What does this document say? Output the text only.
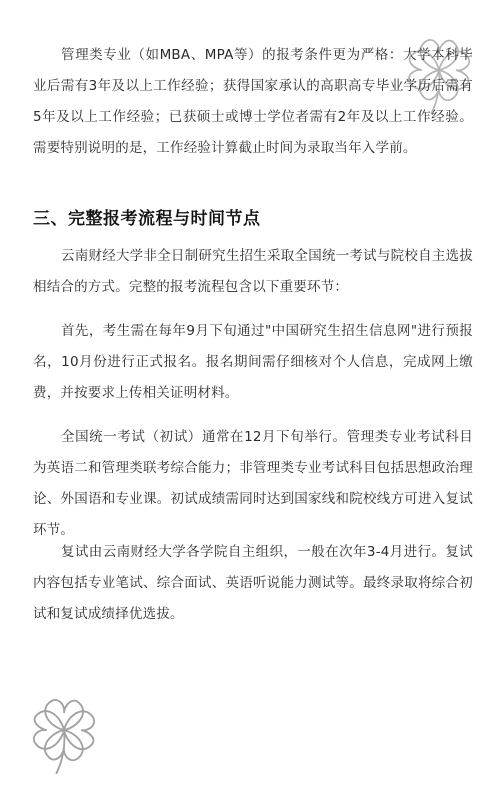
管理类专业（如MBA、MPA等）的报考条件更为严格：大学本科毕业后需有3年及以上工作经验；获得国家承认的高职高专毕业学历后需有5年及以上工作经验；已获硕士或博士学位者需有2年及以上工作经验。需要特别说明的是，工作经验计算截止时间为录取当年入学前。

三、完整报考流程与时间节点

云南财经大学非全日制研究生招生采取全国统一考试与院校自主选拔相结合的方式。完整的报考流程包含以下重要环节：

首先，考生需在每年9月下旬通过"中国研究生招生信息网"进行预报名，10月份进行正式报名。报名期间需仔细核对个人信息，完成网上缴费，并按要求上传相关证明材料。

全国统一考试（初试）通常在12月下旬举行。管理类专业考试科目为英语二和管理类联考综合能力；非管理类专业考试科目包括思想政治理论、外国语和专业课。初试成绩需同时达到国家线和院校线方可进入复试环节。

复试由云南财经大学各学院自主组织，一般在次年3-4月进行。复试内容包括专业笔试、综合面试、英语听说能力测试等。最终录取将综合初试和复试成绩择优选拔。
